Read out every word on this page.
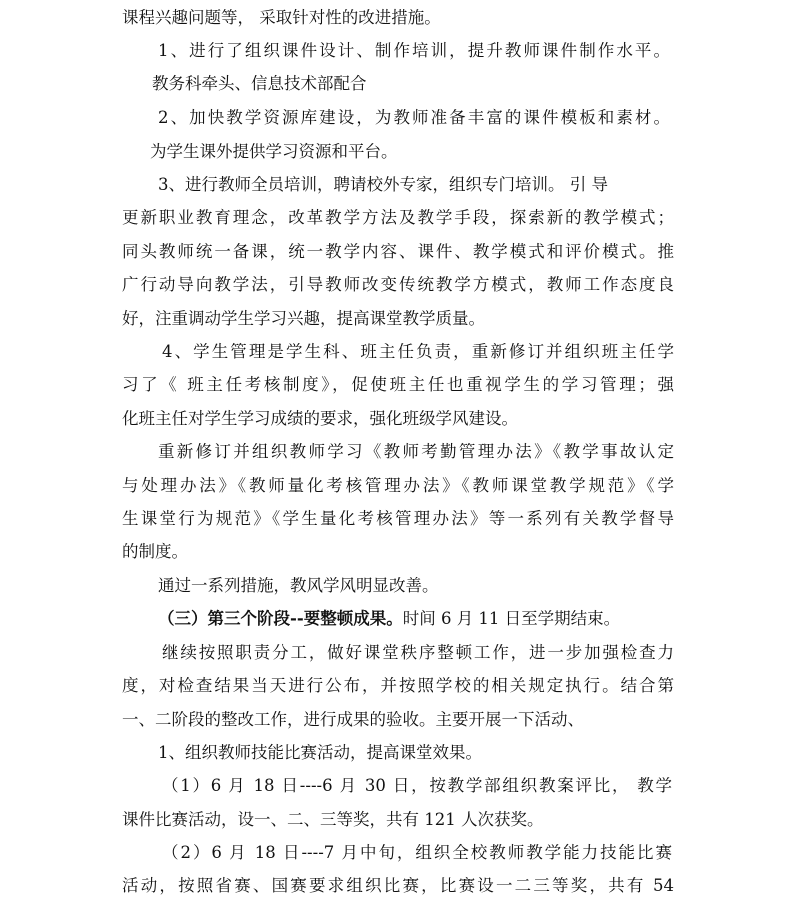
课程兴趣问题等， 采取针对性的改进措施。
1、进行了组织课件设计、制作培训，提升教师课件制作水平。
教务科牵头、信息技术部配合
2、加快教学资源库建设，为教师准备丰富的课件模板和素材。
为学生课外提供学习资源和平台。
3、进行教师全员培训，聘请校外专家，组织专门培训。 引 导
更新职业教育理念，改革教学方法及教学手段，探索新的教学模式；
同头教师统一备课，统一教学内容、课件、教学模式和评价模式。推
广行动导向教学法，引导教师改变传统教学方模式，教师工作态度良
好，注重调动学生学习兴趣，提高课堂教学质量。
4、学生管理是学生科、班主任负责，重新修订并组织班主任学
习了《 班主任考核制度》，促使班主任也重视学生的学习管理；强
化班主任对学生学习成绩的要求，强化班级学风建设。
重新修订并组织教师学习《教师考勤管理办法》《教学事故认定
与处理办法》《教师量化考核管理办法》《教师课堂教学规范》《学
生课堂行为规范》《学生量化考核管理办法》等一系列有关教学督导
的制度。
通过一系列措施，教风学风明显改善。
（三）第三个阶段--要整顿成果。时间 6 月 11 日至学期结束。
继续按照职责分工，做好课堂秩序整顿工作，进一步加强检查力
度，对检查结果当天进行公布，并按照学校的相关规定执行。结合第
一、二阶段的整改工作，进行成果的验收。主要开展一下活动、
1、组织教师技能比赛活动，提高课堂效果。
（1）6 月 18 日----6 月 30 日，按教学部组织教案评比， 教学
课件比赛活动，设一、二、三等奖，共有 121 人次获奖。
（2）6 月 18 日----7 月中旬，组织全校教师教学能力技能比赛
活动，按照省赛、国赛要求组织比赛，比赛设一二三等奖，共有 54
